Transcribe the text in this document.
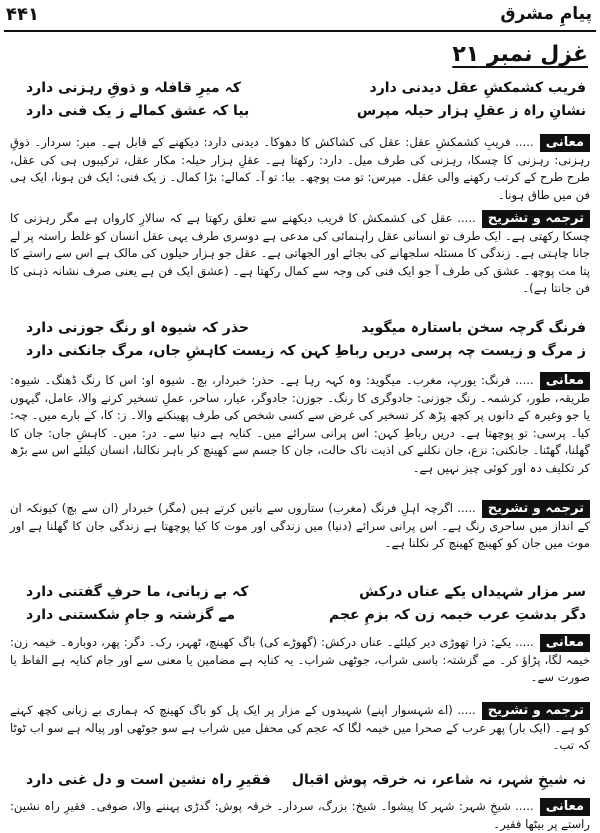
۴۴۱	پیامِ مشرق
غزل نمبر ۲۱
فریب کشمکشِ عقل دیدنی دارد
کہ میرِ قافلہ و ذوقِ رہزنی دارد
نشانِ راہ ز عقلِ ہزار حیلہ مپرس
بیا کہ عشق کمالے ز یک فنی دارد
معانی..... فریبِ کشمکشِ عقل: عقل کی کشاکش کا دھوکا۔ دیدنی دارد: دیکھنے کے قابل ہے۔ میر: سردار۔ ذوقِ رہزنی: رہزنی کا چسکا، رہزنی کی طرف میل۔ دارد: رکھتا ہے۔ عقلِ ہزار حیلہ: مکار عقل، ترکیبوں ہی کی عقل، طرح طرح کے کرتب رکھنے والی عقل۔ مپرس: تو مت پوچھ۔ بیا: تو آ۔ کمالے: بڑا کمال۔ ز یک فنی: ایک فن ہونا، ایک ہی فن میں طاق ہونا۔
ترجمہ و تشریح..... عقل کی کشمکش کا فریب دیکھنے سے تعلق رکھتا ہے کہ سالارِ کارواں ہے مگر رہزنی کا چسکا رکھتی ہے۔ ایک طرف تو انسانی عقل راہنمائی کی مدعی ہے دوسری طرف یہی عقل انسان کو غلط راستہ پر لے جانا چاہتی ہے۔ زندگی کا مسئلہ سلجھانے کی بجائے اور الجھاتی ہے۔ عقل جو ہزار حیلوں کی مالک ہے اس سے راستے کا پتا مت پوچھ۔ عشق کی طرف آ جو ایک فنی کی وجہ سے کمال رکھتا ہے۔ (عشق ایک فن ہے یعنی صرف نشانہ ذہنی کا فن جانتا ہے)۔
فرنگ گرچہ سخن باستارہ میگوید
حذر کہ شیوہ او رنگ جوزنی دارد
ز مرگ و زیست چہ پرسی دریں رباطِ کہن
کہ زیست کاہشِ جاں، مرگ جانکنی دارد
معانی..... فرنگ: یورپ، مغرب۔ میگوید: وہ کہہ رہا ہے۔ حذر: خبردار، بچ۔ شیوہ او: اس کا رنگ ڈھنگ۔ شیوہ: طریقہ، طور، کرشمہ۔ رنگ جوزنی: جادوگری کا رنگ۔ جوزن: جادوگر، عیار، ساحر، عملِ تسخیر کرنے والا، عامل، گیہوں یا جو وغیرہ کے دانوں پر کچھ پڑھ کر تسخیر کی غرض سے کسی شخص کی طرف پھینکنے والا۔ ز: کا، کے بارے میں۔ چہ: کیا۔ پرسی: تو پوچھتا ہے۔ دریں رباطِ کہن: اس پرانی سرائے میں۔ کنایہ ہے دنیا سے۔ در: میں۔ کاہشِ جاں: جان کا گھلنا، گھٹنا۔ جانکنی: نزع، جان نکلنے کی اذیت ناک حالت، جان کا جسم سے کھینچ کر باہر نکالنا، انسان کیلئے اس سے بڑھ کر تکلیف دہ اور کوئی چیز نہیں ہے۔
ترجمہ و تشریح..... اگرچہ اہلِ فرنگ (مغرب) ستاروں سے باتیں کرتے ہیں (مگر) خبردار (ان سے بچ) کیونکہ ان کے انداز میں ساحری رنگ ہے۔ اس پرانی سرائے (دنیا) میں زندگی اور موت کا کیا پوچھتا ہے زندگی جان کا گھلنا ہے اور موت میں جان کو کھینچ کھینچ کر نکلنا ہے۔
سر مزار شہیداں یکے عناں درکش
کہ بے زبانی، ما حرفِ گفتنی دارد
دگر بدشتِ عرب خیمہ زن کہ بزمِ عجم
مے گزشتہ و جامِ شکستنی دارد
معانی..... یکے: ذرا تھوڑی دیر کیلئے۔ عناں درکش: (گھوڑے کی) باگ کھینچ، ٹھہر، رک۔ دگر: پھر، دوبارہ۔ خیمہ زن: خیمہ لگا، پڑاؤ کر۔ مے گزشتہ: باسی شراب، جوٹھی شراب۔ یہ کنایہ ہے مضامین یا معنی سے اور جام کنایہ ہے الفاظ یا صورت سے۔
ترجمہ و تشریح..... (اے شہسوار اپنے) شہیدوں کے مزار پر ایک پل کو باگ کھینچ کہ ہماری بے زبانی کچھ کہنے کو ہے۔ (ایک بار) پھر عرب کے صحرا میں خیمہ لگا کہ عجم کی محفل میں شراب ہے سو جوٹھی اور پیالہ ہے سو اب ٹوٹا کہ تب۔
نہ شیخِ شہر، نہ شاعر، نہ خرقہ پوش اقبال
فقیرِ راہ نشین است و دل غنی دارد
معانی..... شیخِ شہر: شہر کا پیشوا۔ شیخ: بزرگ، سردار۔ خرقہ پوش: گدڑی پہننے والا، صوفی۔ فقیرِ راہ نشین: راستے پر بیٹھا فقیر۔
